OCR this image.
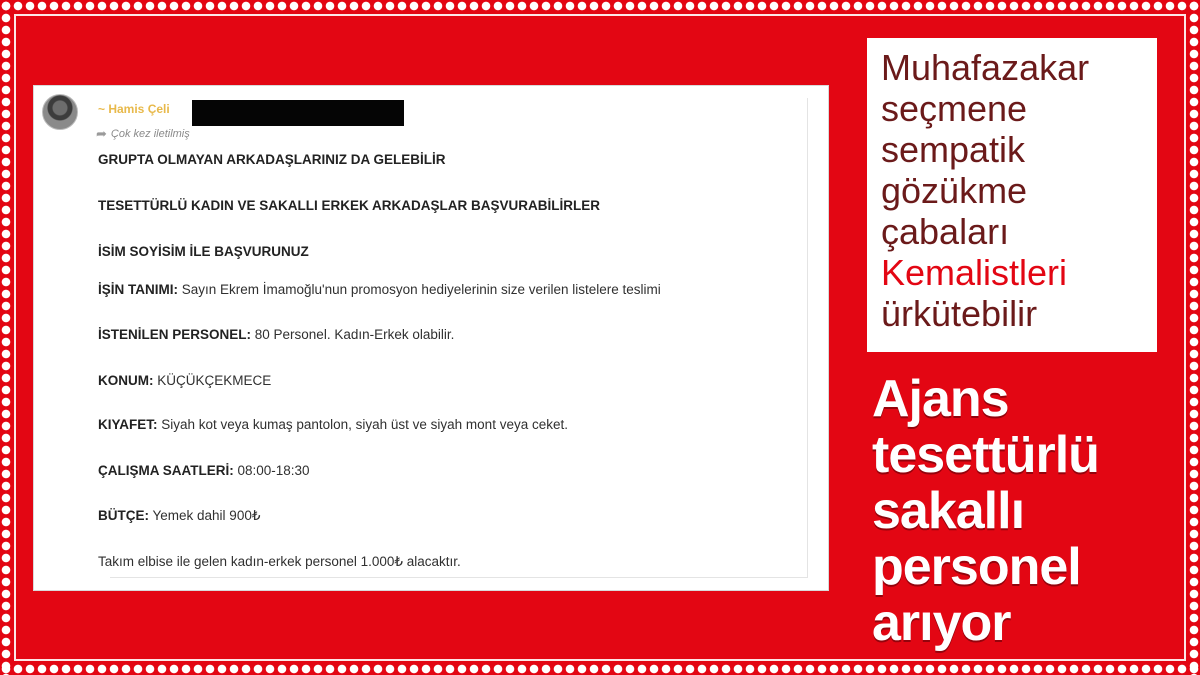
~ Hamis Çeli
➦ Çok kez iletilmiş
GRUPTA OLMAYAN ARKADAŞLARINIZ DA GELEBİLİR
TESETTÜRLÜ KADIN VE SAKALLI ERKEK ARKADAŞLAR BAŞVURABİLİRLER
İSİM SOYİSİM İLE BAŞVURUNUZ
İŞİN TANIMI: Sayın Ekrem İmamoğlu'nun promosyon hediyelerinin size verilen listelere teslimi
İSTENİLEN PERSONEL: 80 Personel. Kadın-Erkek olabilir.
KONUM: KÜÇÜKÇEKMECE
KIYAFET: Siyah kot veya kumaş pantolon, siyah üst ve siyah mont veya ceket.
ÇALIŞMA SAATLERİ: 08:00-18:30
BÜTÇE: Yemek dahil 900₺
Takım elbise ile gelen kadın-erkek personel 1.000₺ alacaktır.
Muhafazakar
seçmene
sempatik
gözükme
çabaları
Kemalistleri
ürkütebilir
Ajans
tesettürlü
sakallı
personel
arıyor
